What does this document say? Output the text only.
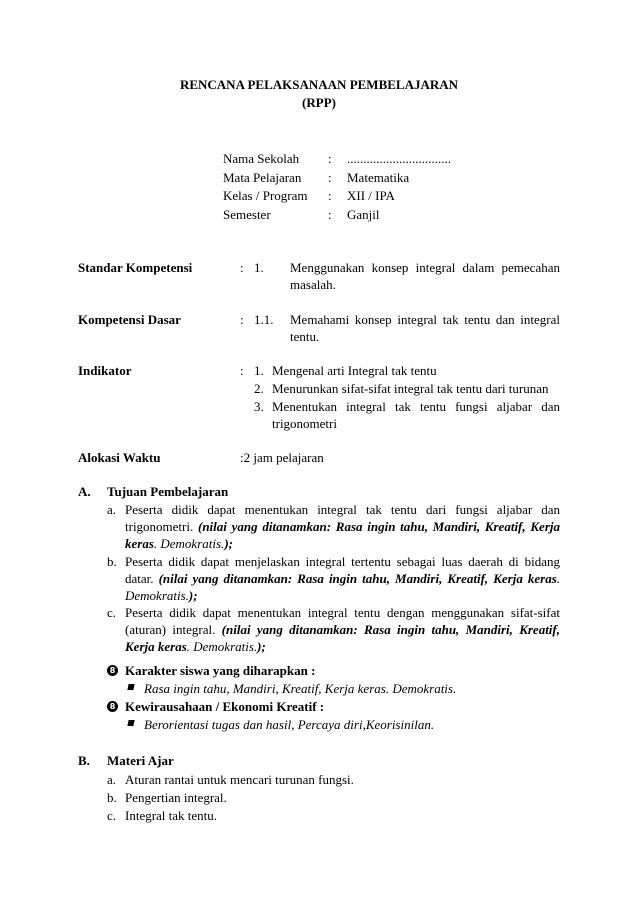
RENCANA PELAKSANAAN PEMBELAJARAN
(RPP)
Nama Sekolah : ................................
Mata Pelajaran : Matematika
Kelas / Program : XII / IPA
Semester	: Ganjil
Standar Kompetensi	: 1. Menggunakan konsep integral dalam pemecahan
masalah.
Kompetensi Dasar	: 1.1. Memahami konsep integral tak tentu dan integral
tentu.
Indikator	: 1. Mengenal arti Integral tak tentu
2. Menurunkan sifat-sifat integral tak tentu dari turunan
3. Menentukan integral tak tentu fungsi aljabar dan
trigonometri
Alokasi Waktu	:2 jam pelajaran
A. Tujuan Pembelajaran
a. Peserta didik dapat menentukan integral tak tentu dari fungsi aljabar dan
trigonometri. (nilai yang ditanamkan: Rasa ingin tahu, Mandiri, Kreatif, Kerja
keras. Demokratis.);
b. Peserta didik dapat menjelaskan integral tertentu sebagai luas daerah di bidang
datar. (nilai yang ditanamkan: Rasa ingin tahu, Mandiri, Kreatif, Kerja keras.
Demokratis.);
c. Peserta didik dapat menentukan integral tentu dengan menggunakan sifat-sifat
(aturan) integral. (nilai yang ditanamkan: Rasa ingin tahu, Mandiri, Kreatif,
Kerja keras. Demokratis.);
8 Karakter siswa yang diharapkan :
Rasa ingin tahu, Mandiri, Kreatif, Kerja keras. Demokratis.
8 Kewirausahaan / Ekonomi Kreatif :
Berorientasi tugas dan hasil, Percaya diri,Keorisinilan.
B. Materi Ajar
a. Aturan rantai untuk mencari turunan fungsi.
b. Pengertian integral.
c. Integral tak tentu.
